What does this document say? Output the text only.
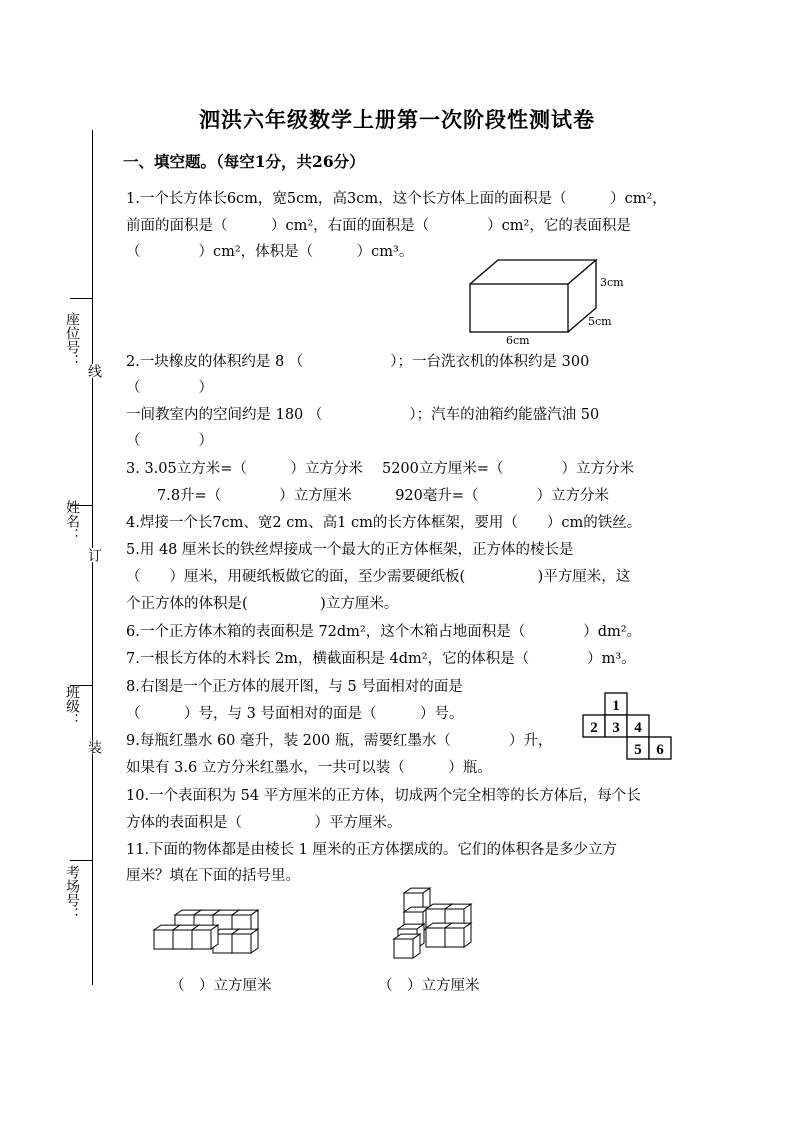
座位号：
姓名：
班级：
考场号：
线
订
装
泗洪六年级数学上册第一次阶段性测试卷
一、填空题。（每空1分，共26分）
1.一个长方体长6cm，宽5cm，高3cm，这个长方体上面的面积是（　　　）cm²，
前面的面积是（　　　）cm²，右面的面积是（　　　　）cm²，它的表面积是
（　　　　）cm²，体积是（　　　）cm³。
3cm
5cm
6cm
2.一块橡皮的体积约是 8 （　　　　　　）；一台洗衣机的体积约是 300
（　　　　）
一间教室内的空间约是 180 （　　　　　　）；汽车的油箱约能盛汽油 50
（　　　　）
3. 3.05立方米=（　　　）立方分米　 5200立方厘米=（　　　　）立方分米
7.8升=（　　　　）立方厘米　　　920毫升=（　　　　）立方分米
4.焊接一个长7cm、宽2 cm、高1 cm的长方体框架，要用（　　）cm的铁丝。
5.用 48 厘米长的铁丝焊接成一个最大的正方体框架，正方体的棱长是
（　　）厘米，用硬纸板做它的面，至少需要硬纸板(　　　　　)平方厘米，这
个正方体的体积是(　　　　　)立方厘米。
6.一个正方体木箱的表面积是 72dm²，这个木箱占地面积是（　　　　）dm²。
7.一根长方体的木料长 2m，横截面积是 4dm²，它的体积是（　　　　）m³。
8.右图是一个正方体的展开图，与 5 号面相对的面是
（　　　）号，与 3 号面相对的面是（　　　）号。
9.每瓶红墨水 60 毫升，装 200 瓶，需要红墨水（　　　　）升，
如果有 3.6 立方分米红墨水，一共可以装（　　　）瓶。
1
2 3 4
5 6
10.一个表面积为 54 平方厘米的正方体，切成两个完全相等的长方体后，每个长
方体的表面积是（　　　　　）平方厘米。
11.下面的物体都是由棱长 1 厘米的正方体摆成的。它们的体积各是多少立方
厘米？填在下面的括号里。
（　）立方厘米	（　）立方厘米
